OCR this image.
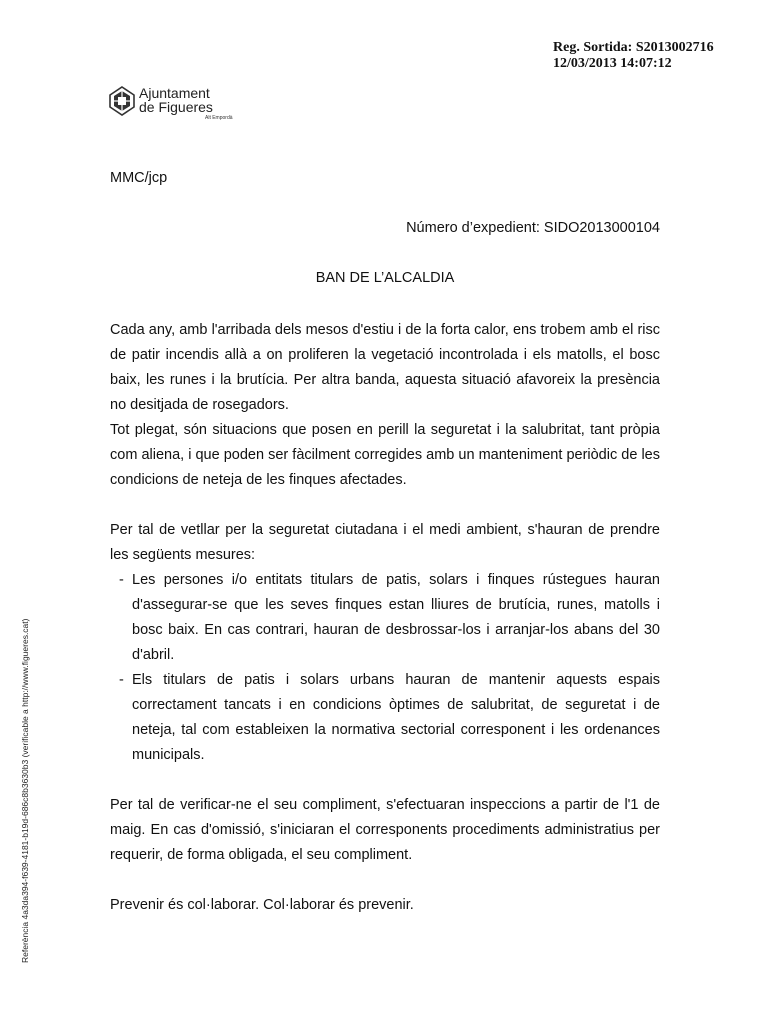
Reg. Sortida: S2013002716
12/03/2013 14:07:12
Ajuntament
de Figueres
Alt Empordà
Referència 4a3da394-f639-4181-b19d-686c8b3630b3 (verificable a http://www.figueres.cat)
MMC/jcp
Número d’expedient: SIDO2013000104
BAN DE L’ALCALDIA

Cada any, amb l'arribada dels mesos d'estiu i de la forta calor, ens trobem amb el risc de patir incendis allà a on proliferen la vegetació incontrolada i els matolls, el bosc baix, les runes i la brutícia. Per altra banda, aquesta situació afavoreix la presència no desitjada de rosegadors.

Tot plegat, són situacions que posen en perill la seguretat i la salubritat, tant pròpia com aliena, i que poden ser fàcilment corregides amb un manteniment periòdic de les condicions de neteja de les finques afectades.

Per tal de vetllar per la seguretat ciutadana i el medi ambient, s'hauran de prendre les següents mesures:

- Les persones i/o entitats titulars de patis, solars i finques rústegues hauran d'assegurar-se que les seves finques estan lliures de brutícia, runes, matolls i bosc baix. En cas contrari, hauran de desbrossar-los i arranjar-los abans del 30 d'abril.
- Els titulars de patis i solars urbans hauran de mantenir aquests espais correctament tancats i en condicions òptimes de salubritat, de seguretat i de neteja, tal com estableixen la normativa sectorial corresponent i les ordenances municipals.

Per tal de verificar-ne el seu compliment, s'efectuaran inspeccions a partir de l'1 de maig. En cas d'omissió, s'iniciaran el corresponents procediments administratius per requerir, de forma obligada, el seu compliment.

Prevenir és col·laborar. Col·laborar és prevenir.
